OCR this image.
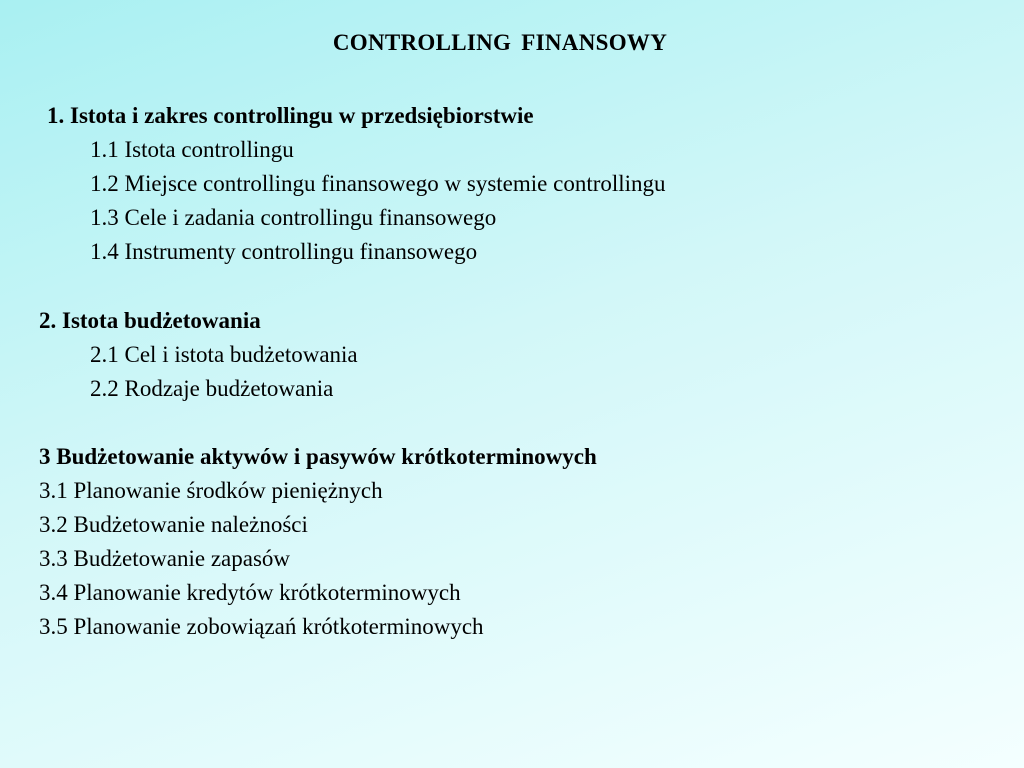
CONTROLLING FINANSOWY

1. Istota i zakres controllingu w przedsiębiorstwie

1.1 Istota controllingu

1.2 Miejsce controllingu finansowego w systemie controllingu

1.3 Cele i zadania controllingu finansowego

1.4 Instrumenty controllingu finansowego

2. Istota budżetowania

2.1 Cel i istota budżetowania

2.2 Rodzaje budżetowania

3 Budżetowanie aktywów i pasywów krótkoterminowych

3.1 Planowanie środków pieniężnych

3.2 Budżetowanie należności

3.3 Budżetowanie zapasów

3.4 Planowanie kredytów krótkoterminowych

3.5 Planowanie zobowiązań krótkoterminowych
